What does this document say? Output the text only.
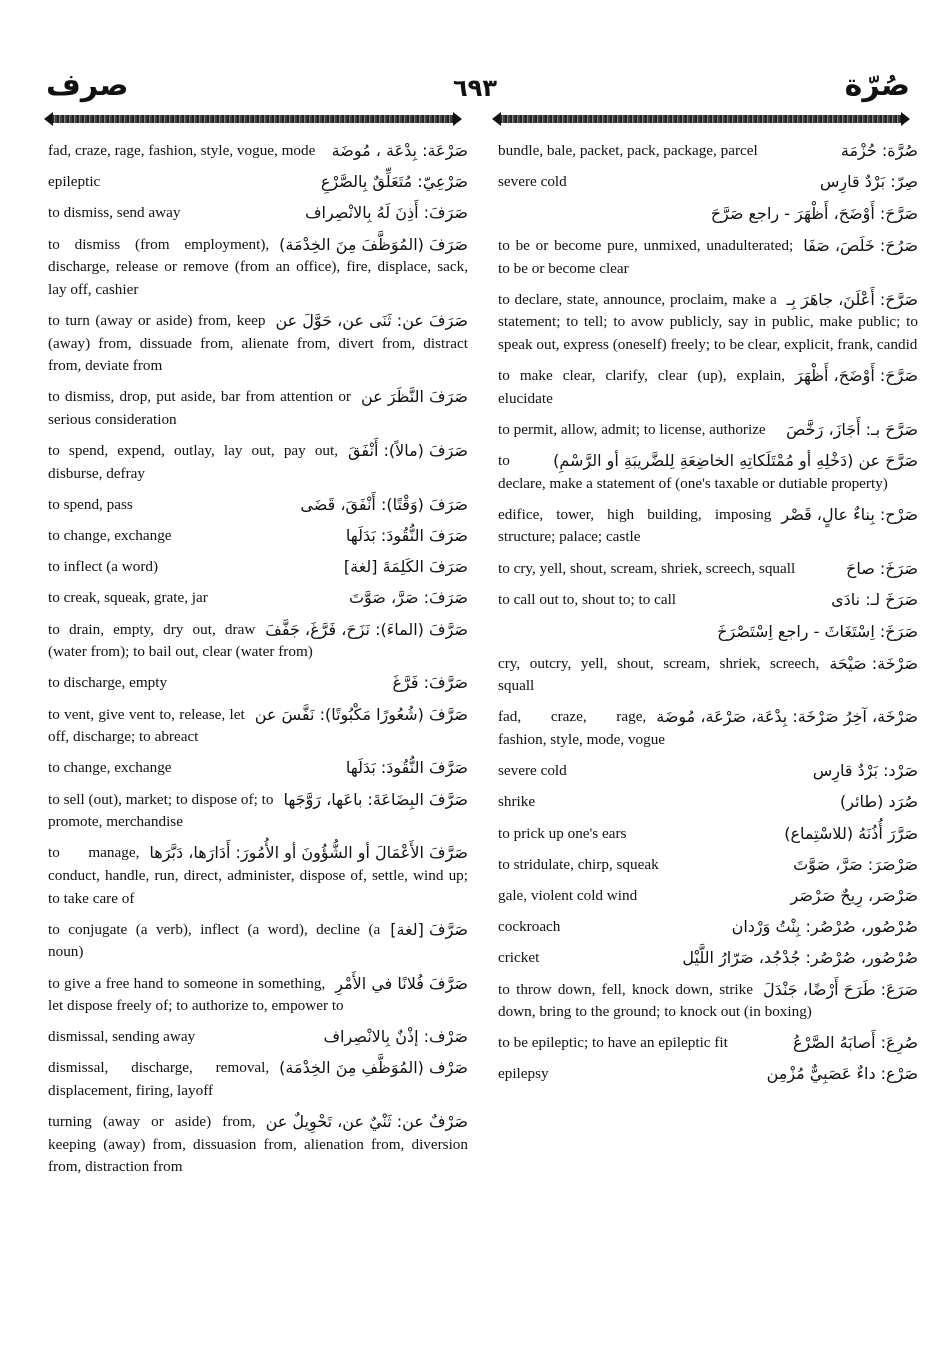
صرف	٦٩٣	صُرّة
صَرْعَة: بِدْعَة ، مُوضَة
fad, craze, rage, fashion, style, vogue, mode
صَرْعِيّ: مُتَعَلِّقٌ بِالصَّرْعِ
epileptic
صَرَفَ: أَذِنَ لَهُ بِالانْصِراف
to dismiss, send away
صَرَفَ (المُوَظَّفَ مِنَ الخِدْمَة)
to dismiss (from employment), discharge, release or remove (from an office), fire, displace, sack, lay off, cashier
صَرَفَ عن: ثَنَى عن، حَوَّلَ عن
to turn (away or aside) from, keep (away) from, dissuade from, alienate from, divert from, distract from, deviate from
صَرَفَ النَّظَرَ عن
to dismiss, drop, put aside, bar from attention or serious consideration
صَرَفَ (مالاً): أَنْفَقَ
to spend, expend, outlay, lay out, pay out, disburse, defray
صَرَفَ (وَقْتًا): أَنْفَقَ، قَضَى
to spend, pass
صَرَفَ النُّقُودَ: بَدَلَها
to change, exchange
صَرَفَ الكَلِمَةَ [لغة]
to inflect (a word)
صَرَفَ: صَرَّ، صَوَّتَ
to creak, squeak, grate, jar
صَرَّفَ (الماءَ): نَزَحَ، فَرَّغَ، جَفَّفَ
to drain, empty, dry out, draw (water from); to bail out, clear (water from)
صَرَّفَ: فَرَّغَ
to discharge, empty
صَرَّفَ (شُعُورًا مَكْبُوتًا): نَفَّسَ عن
to vent, give vent to, release, let off, discharge; to abreact
صَرَّفَ النُّقُودَ: بَدَلَها
to change, exchange
صَرَّفَ البِضَاعَةَ: باعَها، رَوَّجَها
to sell (out), market; to dispose of; to promote, merchandise
صَرَّفَ الأَعْمَالَ أو الشُّؤُونَ أو الأُمُورَ: أَدَارَها، دَبَّرَها
to manage, conduct, handle, run, direct, administer, dispose of, settle, wind up; to take care of
صَرَّفَ [لغة]
to conjugate (a verb), inflect (a word), decline (a noun)
صَرَّفَ فُلانًا في الأَمْرِ
to give a free hand to someone in something, let dispose freely of; to authorize to, empower to
صَرْف: إذْنٌ بِالانْصِراف
dismissal, sending away
صَرْف (المُوَظَّفِ مِنَ الخِدْمَة)
dismissal, discharge, removal, displacement, firing, layoff
صَرْفٌ عن: ثَنْيٌ عن، تَحْوِيلٌ عن
turning (away or aside) from, keeping (away) from, dissuasion from, alienation from, diversion from, distraction from
صُرَّة: حُزْمَة
bundle, bale, packet, pack, package, parcel
صِرّ: بَرْدٌ قارِس
severe cold
صَرَّحَ: أَوْضَحَ، أَظْهَرَ - راجع صَرَّحَ
صَرُحَ: خَلَصَ، صَفَا
to be or become pure, unmixed, unadulterated; to be or become clear
صَرَّحَ: أَعْلَنَ، جاهَرَ بِـ
to declare, state, announce, proclaim, make a statement; to tell; to avow publicly, say in public, make public; to speak out, express (oneself) freely; to be clear, explicit, frank, candid
صَرَّحَ: أَوْضَحَ، أَظْهَرَ
to make clear, clarify, clear (up), explain, elucidate
صَرَّحَ بـ: أَجَازَ، رَخَّصَ
to permit, allow, admit; to license, authorize
صَرَّحَ عن (دَخْلِهِ أو مُمْتَلَكاتِهِ الخاضِعَةِ لِلضَّريبَةِ أو الرَّسْمِ)
to declare, make a statement of (one's taxable or dutiable property)
صَرْح: بِناءٌ عالٍ، قَصْر
edifice, tower, high building, imposing structure; palace; castle
صَرَخَ: صاحَ
to cry, yell, shout, scream, shriek, screech, squall
صَرَخَ لـ: نادَى
to call out to, shout to; to call
صَرَخَ: اِسْتَغَاثَ - راجع اِسْتَصْرَخَ
صَرْخَة: صَيْحَة
cry, outcry, yell, shout, scream, shriek, screech, squall
صَرْخَة، آخِرُ صَرْخَة: بِدْعَة، صَرْعَة، مُوضَة
fad, craze, rage, fashion, style, mode, vogue
صَرْد: بَرْدٌ قارِس
severe cold
صُرَد (طائر)
shrike
صَرَّرَ أُذُنَهُ (للاسْتِماع)
to prick up one's ears
صَرْصَرَ: صَرَّ، صَوَّتَ
to stridulate, chirp, squeak
صَرْصَر، رِيحٌ صَرْصَر
gale, violent cold wind
صُرْصُور، صُرْصُر: بِنْتُ وَرْدان
cockroach
صُرْصُور، صُرْصُر: جُدْجُد، صَرّارُ اللَّيْل
cricket
صَرَعَ: طَرَحَ أَرْضًا، جَنْدَلَ
to throw down, fell, knock down, strike down, bring to the ground; to knock out (in boxing)
صُرِعَ: أَصابَهُ الصَّرْعُ
to be epileptic; to have an epileptic fit
صَرْع: داءٌ عَصَبِيٌّ مُزْمِن
epilepsy
